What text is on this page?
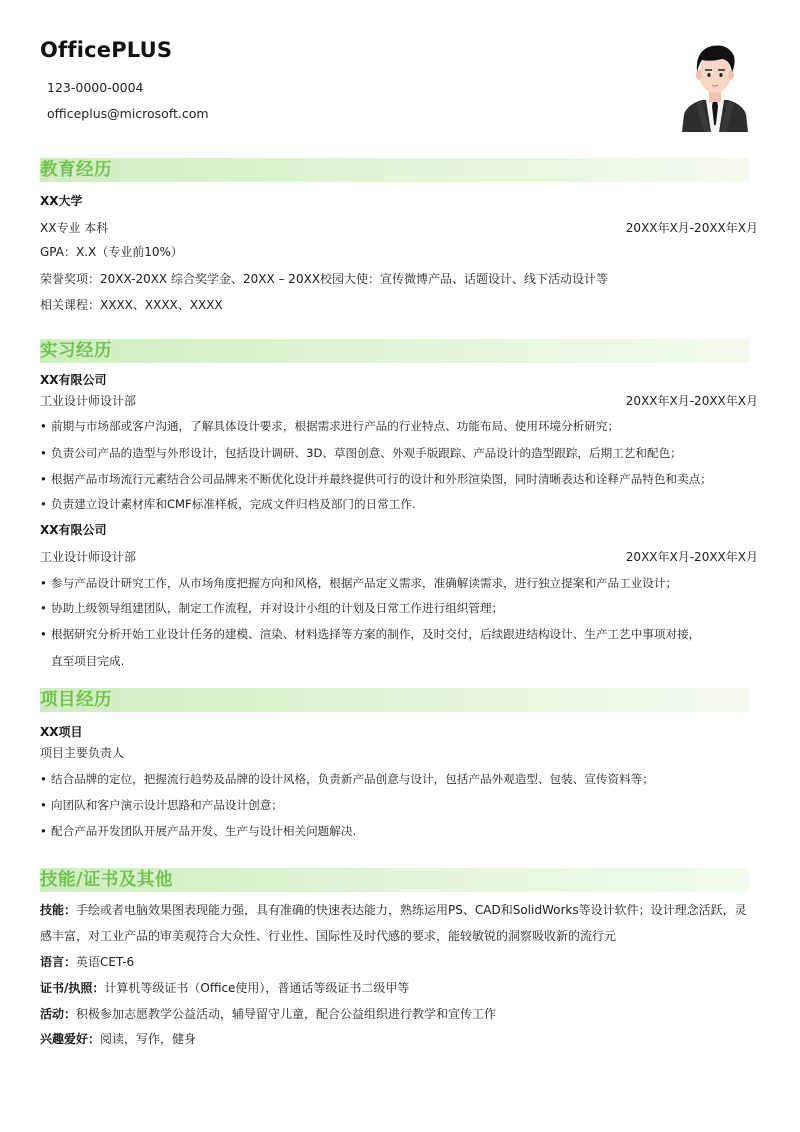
OfficePLUS
123-0000-0004
officeplus@microsoft.com
教育经历
XX大学
XX专业 本科	20XX年X月-20XX年X月
GPA：X.X（专业前10%）
荣誉奖项：20XX-20XX 综合奖学金、20XX – 20XX校园大使：宣传微博产品、话题设计、线下活动设计等
相关课程：XXXX、XXXX、XXXX
实习经历
XX有限公司
工业设计师设计部	20XX年X月-20XX年X月
• 前期与市场部或客户沟通，了解具体设计要求，根据需求进行产品的行业特点、功能布局、使用环境分析研究；
• 负责公司产品的造型与外形设计，包括设计调研、3D、草图创意、外观手版跟踪、产品设计的造型跟踪，后期工艺和配色；
• 根据产品市场流行元素结合公司品牌来不断优化设计并最终提供可行的设计和外形渲染图，同时清晰表达和诠释产品特色和卖点；
• 负责建立设计素材库和CMF标准样板，完成文件归档及部门的日常工作.
XX有限公司
工业设计师设计部	20XX年X月-20XX年X月
• 参与产品设计研究工作，从市场角度把握方向和风格，根据产品定义需求，准确解读需求，进行独立提案和产品工业设计；
• 协助上级领导组建团队，制定工作流程，并对设计小组的计划及日常工作进行组织管理；
• 根据研究分析开始工业设计任务的建模、渲染、材料选择等方案的制作，及时交付，后续跟进结构设计、生产工艺中事项对接，
直至项目完成.
项目经历
XX项目
项目主要负责人
• 结合品牌的定位，把握流行趋势及品牌的设计风格，负责新产品创意与设计，包括产品外观造型、包装、宣传资料等；
• 向团队和客户演示设计思路和产品设计创意；
• 配合产品开发团队开展产品开发、生产与设计相关问题解决.
技能/证书及其他
技能：手绘或者电脑效果图表现能力强，具有准确的快速表达能力，熟练运用PS、CAD和SolidWorks等设计软件；设计理念活跃，灵
感丰富，对工业产品的审美观符合大众性、行业性、国际性及时代感的要求，能较敏锐的洞察吸收新的流行元
语言：英语CET-6
证书/执照：计算机等级证书（Office使用），普通话等级证书二级甲等
活动：积极参加志愿教学公益活动，辅导留守儿童，配合公益组织进行教学和宣传工作
兴趣爱好：阅读，写作，健身
